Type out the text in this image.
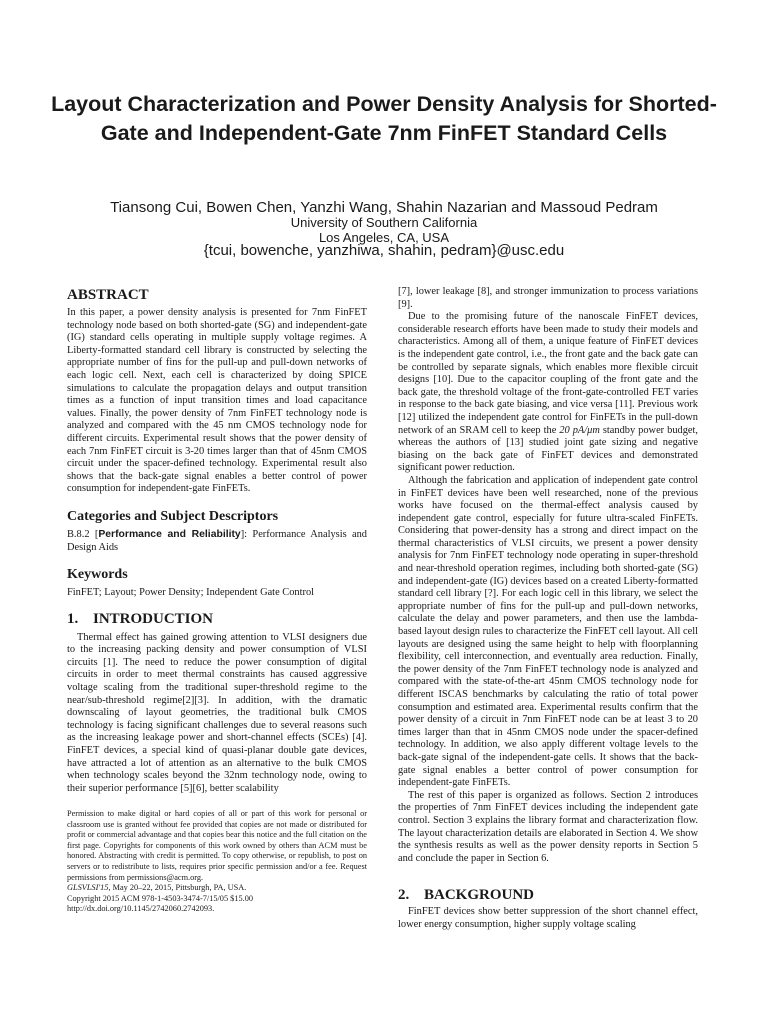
Layout Characterization and Power Density Analysis for Shorted-Gate and Independent-Gate 7nm FinFET Standard Cells
Tiansong Cui, Bowen Chen, Yanzhi Wang, Shahin Nazarian and Massoud Pedram
University of Southern California
Los Angeles, CA, USA
{tcui, bowenche, yanzhiwa, shahin, pedram}@usc.edu
ABSTRACT

In this paper, a power density analysis is presented for 7nm FinFET technology node based on both shorted-gate (SG) and independent-gate (IG) standard cells operating in multiple supply voltage regimes. A Liberty-formatted standard cell library is constructed by selecting the appropriate number of fins for the pull-up and pull-down networks of each logic cell. Next, each cell is characterized by doing SPICE simulations to calculate the propagation delays and output transition times as a function of input transition times and load capacitance values. Finally, the power density of 7nm FinFET technology node is analyzed and compared with the 45 nm CMOS technology node for different circuits. Experimental result shows that the power density of each 7nm FinFET circuit is 3-20 times larger than that of 45nm CMOS circuit under the spacer-defined technology. Experimental result also shows that the back-gate signal enables a better control of power consumption for independent-gate FinFETs.

Categories and Subject Descriptors

B.8.2 [Performance and Reliability]: Performance Analysis and Design Aids

Keywords

FinFET; Layout; Power Density; Independent Gate Control

1. INTRODUCTION

Thermal effect has gained growing attention to VLSI designers due to the increasing packing density and power consumption of VLSI circuits [1]. The need to reduce the power consumption of digital circuits in order to meet thermal constraints has caused aggressive voltage scaling from the traditional super-threshold regime to the near/sub-threshold regime[2][3]. In addition, with the dramatic downscaling of layout geometries, the traditional bulk CMOS technology is facing significant challenges due to several reasons such as the increasing leakage power and short-channel effects (SCEs) [4]. FinFET devices, a special kind of quasi-planar double gate devices, have attracted a lot of attention as an alternative to the bulk CMOS when technology scales beyond the 32nm technology node, owing to their superior performance [5][6], better scalability

Permission to make digital or hard copies of all or part of this work for personal or classroom use is granted without fee provided that copies are not made or distributed for profit or commercial advantage and that copies bear this notice and the full citation on the first page. Copyrights for components of this work owned by others than ACM must be honored. Abstracting with credit is permitted. To copy otherwise, or republish, to post on servers or to redistribute to lists, requires prior specific permission and/or a fee. Request permissions from permissions@acm.org.

GLSVLSI'15, May 20–22, 2015, Pittsburgh, PA, USA.

Copyright 2015 ACM 978-1-4503-3474-7/15/05 $15.00

http://dx.doi.org/10.1145/2742060.2742093.

[7], lower leakage [8], and stronger immunization to process variations [9].

Due to the promising future of the nanoscale FinFET devices, considerable research efforts have been made to study their models and characteristics. Among all of them, a unique feature of FinFET devices is the independent gate control, i.e., the front gate and the back gate can be controlled by separate signals, which enables more flexible circuit designs [10]. Due to the capacitor coupling of the front gate and the back gate, the threshold voltage of the front-gate-controlled FET varies in response to the back gate biasing, and vice versa [11]. Previous work [12] utilized the independent gate control for FinFETs in the pull-down network of an SRAM cell to keep the 20 pA/μm standby power budget, whereas the authors of [13] studied joint gate sizing and negative biasing on the back gate of FinFET devices and demonstrated significant power reduction.

Although the fabrication and application of independent gate control in FinFET devices have been well researched, none of the previous works have focused on the thermal-effect analysis caused by independent gate control, especially for future ultra-scaled FinFETs. Considering that power-density has a strong and direct impact on the thermal characteristics of VLSI circuits, we present a power density analysis for 7nm FinFET technology node operating in super-threshold and near-threshold operation regimes, including both shorted-gate (SG) and independent-gate (IG) devices based on a created Liberty-formatted standard cell library [?]. For each logic cell in this library, we select the appropriate number of fins for the pull-up and pull-down networks, calculate the delay and power parameters, and then use the lambda-based layout design rules to characterize the FinFET cell layout. All cell layouts are designed using the same height to help with floorplanning flexibility, cell interconnection, and eventually area reduction. Finally, the power density of the 7nm FinFET technology node is analyzed and compared with the state-of-the-art 45nm CMOS technology node for different ISCAS benchmarks by calculating the ratio of total power consumption and estimated area. Experimental results confirm that the power density of a circuit in 7nm FinFET node can be at least 3 to 20 times larger than that in 45nm CMOS node under the spacer-defined technology. In addition, we also apply different voltage levels to the back-gate signal of the independent-gate cells. It shows that the back-gate signal enables a better control of power consumption for independent-gate FinFETs.

The rest of this paper is organized as follows. Section 2 introduces the properties of 7nm FinFET devices including the independent gate control. Section 3 explains the library format and characterization flow. The layout characterization details are elaborated in Section 4. We show the synthesis results as well as the power density reports in Section 5 and conclude the paper in Section 6.

2. BACKGROUND

FinFET devices show better suppression of the short channel effect, lower energy consumption, higher supply voltage scaling
